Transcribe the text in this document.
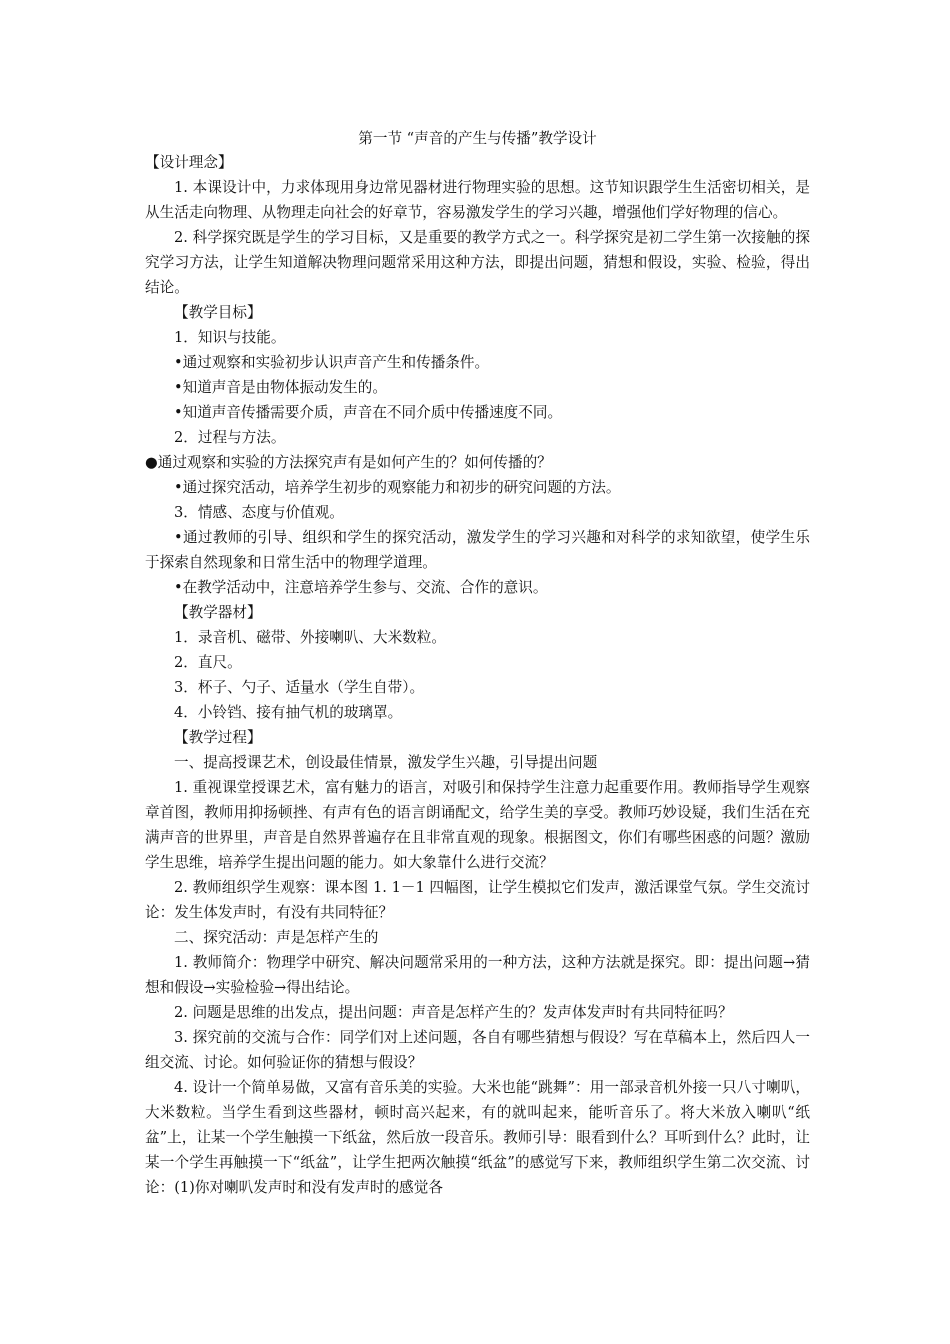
第一节 “声音的产生与传播”教学设计
【设计理念】

1. 本课设计中，力求体现用身边常见器材进行物理实验的思想。这节知识跟学生生活密切相关，是从生活走向物理、从物理走向社会的好章节，容易激发学生的学习兴趣，增强他们学好物理的信心。

2. 科学探究既是学生的学习目标，又是重要的教学方式之一。科学探究是初二学生第一次接触的探究学习方法，让学生知道解决物理问题常采用这种方法，即提出问题，猜想和假设，实验、检验，得出结论。

【教学目标】

1．知识与技能。

•通过观察和实验初步认识声音产生和传播条件。

•知道声音是由物体振动发生的。

•知道声音传播需要介质，声音在不同介质中传播速度不同。

2．过程与方法。

●通过观察和实验的方法探究声有是如何产生的？如何传播的？

•通过探究活动，培养学生初步的观察能力和初步的研究问题的方法。

3．情感、态度与价值观。

•通过教师的引导、组织和学生的探究活动，激发学生的学习兴趣和对科学的求知欲望，使学生乐于探索自然现象和日常生活中的物理学道理。

•在教学活动中，注意培养学生参与、交流、合作的意识。

【教学器材】

1．录音机、磁带、外接喇叭、大米数粒。

2．直尺。

3．杯子、勺子、适量水（学生自带）。

4．小铃铛、接有抽气机的玻璃罩。

【教学过程】

一、提高授课艺术，创设最佳情景，激发学生兴趣，引导提出问题

1. 重视课堂授课艺术，富有魅力的语言，对吸引和保持学生注意力起重要作用。教师指导学生观察章首图，教师用抑扬顿挫、有声有色的语言朗诵配文，给学生美的享受。教师巧妙设疑，我们生活在充满声音的世界里，声音是自然界普遍存在且非常直观的现象。根据图文，你们有哪些困惑的问题？激励学生思维，培养学生提出问题的能力。如大象靠什么进行交流？

2. 教师组织学生观察：课本图 1. 1－1 四幅图，让学生模拟它们发声，激活课堂气氛。学生交流讨论：发生体发声时，有没有共同特征？

二、探究活动：声是怎样产生的

1. 教师简介：物理学中研究、解决问题常采用的一种方法，这种方法就是探究。即：提出问题→猜想和假设→实验检验→得出结论。

2. 问题是思维的出发点，提出问题：声音是怎样产生的？发声体发声时有共同特征吗？

3. 探究前的交流与合作：同学们对上述问题，各自有哪些猜想与假设？写在草稿本上，然后四人一组交流、讨论。如何验证你的猜想与假设？

4. 设计一个简单易做，又富有音乐美的实验。大米也能“跳舞”：用一部录音机外接一只八寸喇叭，大米数粒。当学生看到这些器材，顿时高兴起来，有的就叫起来，能听音乐了。将大米放入喇叭“纸盆”上，让某一个学生触摸一下纸盆，然后放一段音乐。教师引导：眼看到什么？耳听到什么？此时，让某一个学生再触摸一下“纸盆”，让学生把两次触摸“纸盆”的感觉写下来，教师组织学生第二次交流、讨论：(1)你对喇叭发声时和没有发声时的感觉各
